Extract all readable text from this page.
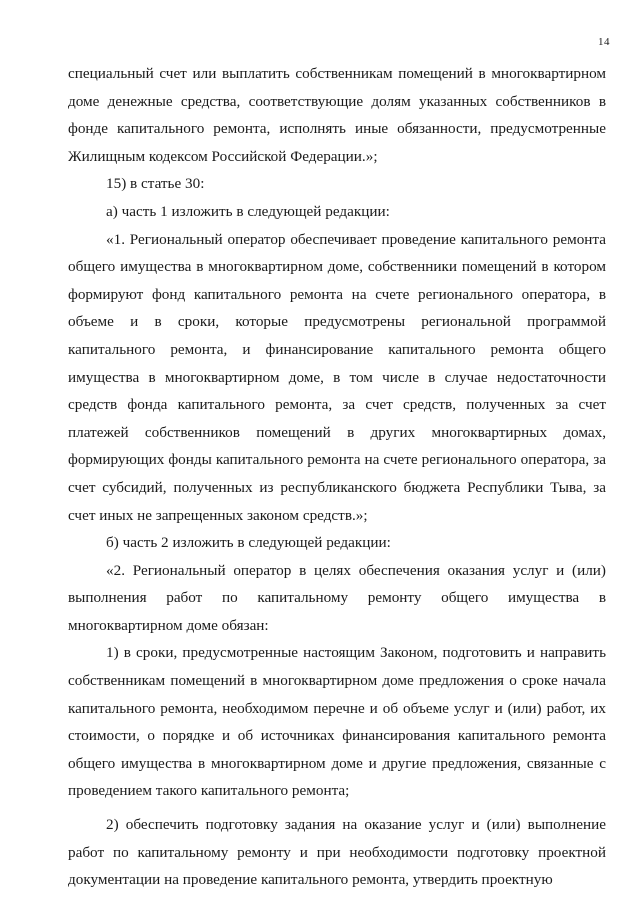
14

специальный счет или выплатить собственникам помещений в многоквартирном доме денежные средства, соответствующие долям указанных собственников в фонде капитального ремонта, исполнять иные обязанности, предусмотренные Жилищным кодексом Российской Федерации.»;

15) в статье 30:

а) часть 1 изложить в следующей редакции:

«1. Региональный оператор обеспечивает проведение капитального ремонта общего имущества в многоквартирном доме, собственники помещений в котором формируют фонд капитального ремонта на счете регионального оператора, в объеме и в сроки, которые предусмотрены региональной программой капитального ремонта, и финансирование капитального ремонта общего имущества в многоквартирном доме, в том числе в случае недостаточности средств фонда капитального ремонта, за счет средств, полученных за счет платежей собственников помещений в других многоквартирных домах, формирующих фонды капитального ремонта на счете регионального оператора, за счет субсидий, полученных из республиканского бюджета Республики Тыва, за счет иных не запрещенных законом средств.»;

б) часть 2 изложить в следующей редакции:

«2. Региональный оператор в целях обеспечения оказания услуг и (или) выполнения работ по капитальному ремонту общего имущества в многоквартирном доме обязан:

1) в сроки, предусмотренные настоящим Законом, подготовить и направить собственникам помещений в многоквартирном доме предложения о сроке начала капитального ремонта, необходимом перечне и об объеме услуг и (или) работ, их стоимости, о порядке и об источниках финансирования капитального ремонта общего имущества в многоквартирном доме и другие предложения, связанные с проведением такого капитального ремонта;

2) обеспечить подготовку задания на оказание услуг и (или) выполнение работ по капитальному ремонту и при необходимости подготовку проектной документации на проведение капитального ремонта, утвердить проектную
